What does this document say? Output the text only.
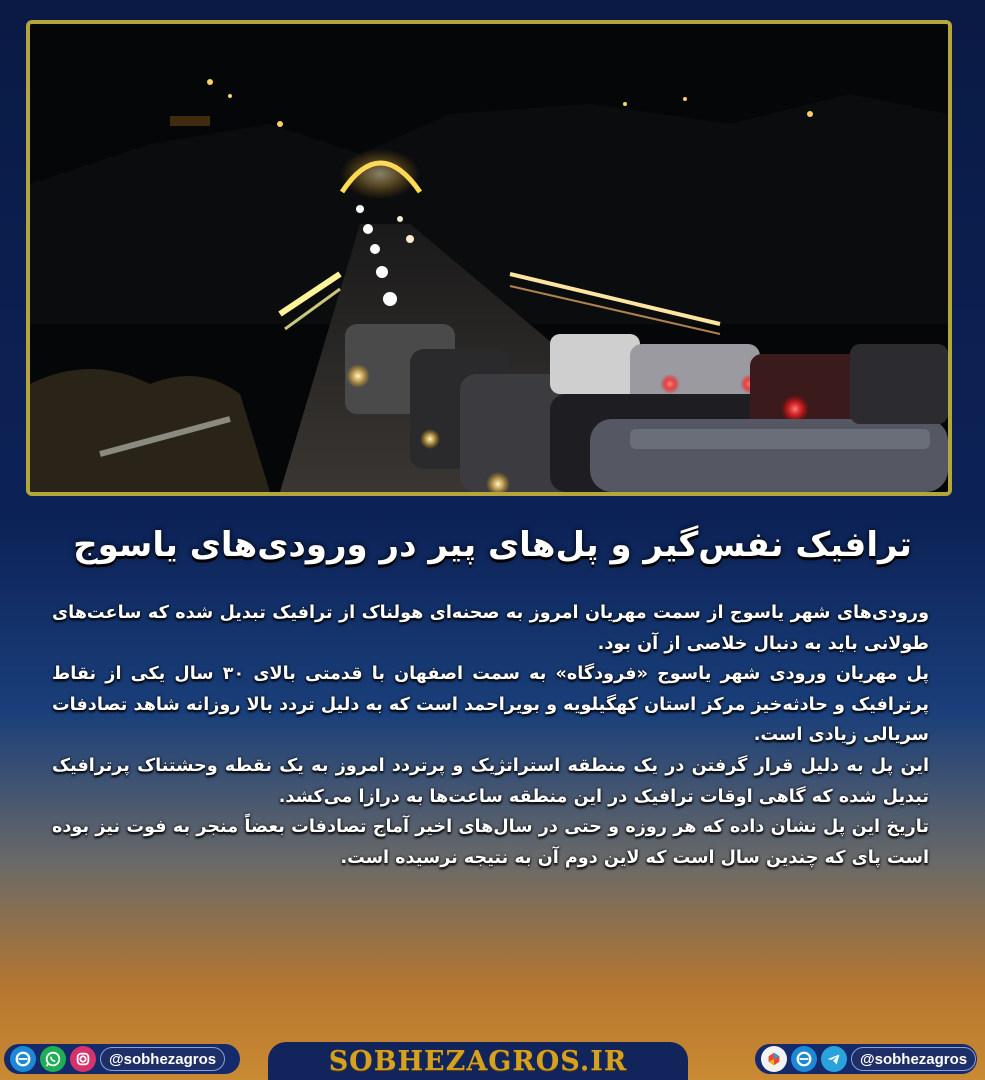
ترافیک نفس‌گیر و پل‌های پیر در ورودی‌های یاسوج

ورودی‌های شهر یاسوج از سمت مهریان امروز به صحنه‌ای هولناک از ترافیک تبدیل شده که ساعت‌های طولانی باید به دنبال خلاصی از آن بود.

پل مهریان ورودی شهر یاسوج «فرودگاه» به سمت اصفهان با قدمتی بالای ۳۰ سال یکی از نقاط پرترافیک و حادثه‌خیز مرکز استان کهگیلویه و بویراحمد است که به دلیل تردد بالا روزانه شاهد تصادفات سریالی زیادی است.

این پل به دلیل قرار گرفتن در یک منطقه استراتژیک و پرتردد امروز به یک نقطه وحشتناک پرترافیک تبدیل شده که گاهی اوقات ترافیک در این منطقه ساعت‌ها به درازا می‌کشد.

تاریخ این پل نشان داده که هر روزه و حتی در سال‌های اخیر آماج تصادفات بعضاً منجر به فوت نیز بوده است پای که چندین سال است که لاین دوم آن به نتیجه نرسیده است.

@sobhezagros	SOBHEZAGROS.IR	@sobhezagros
